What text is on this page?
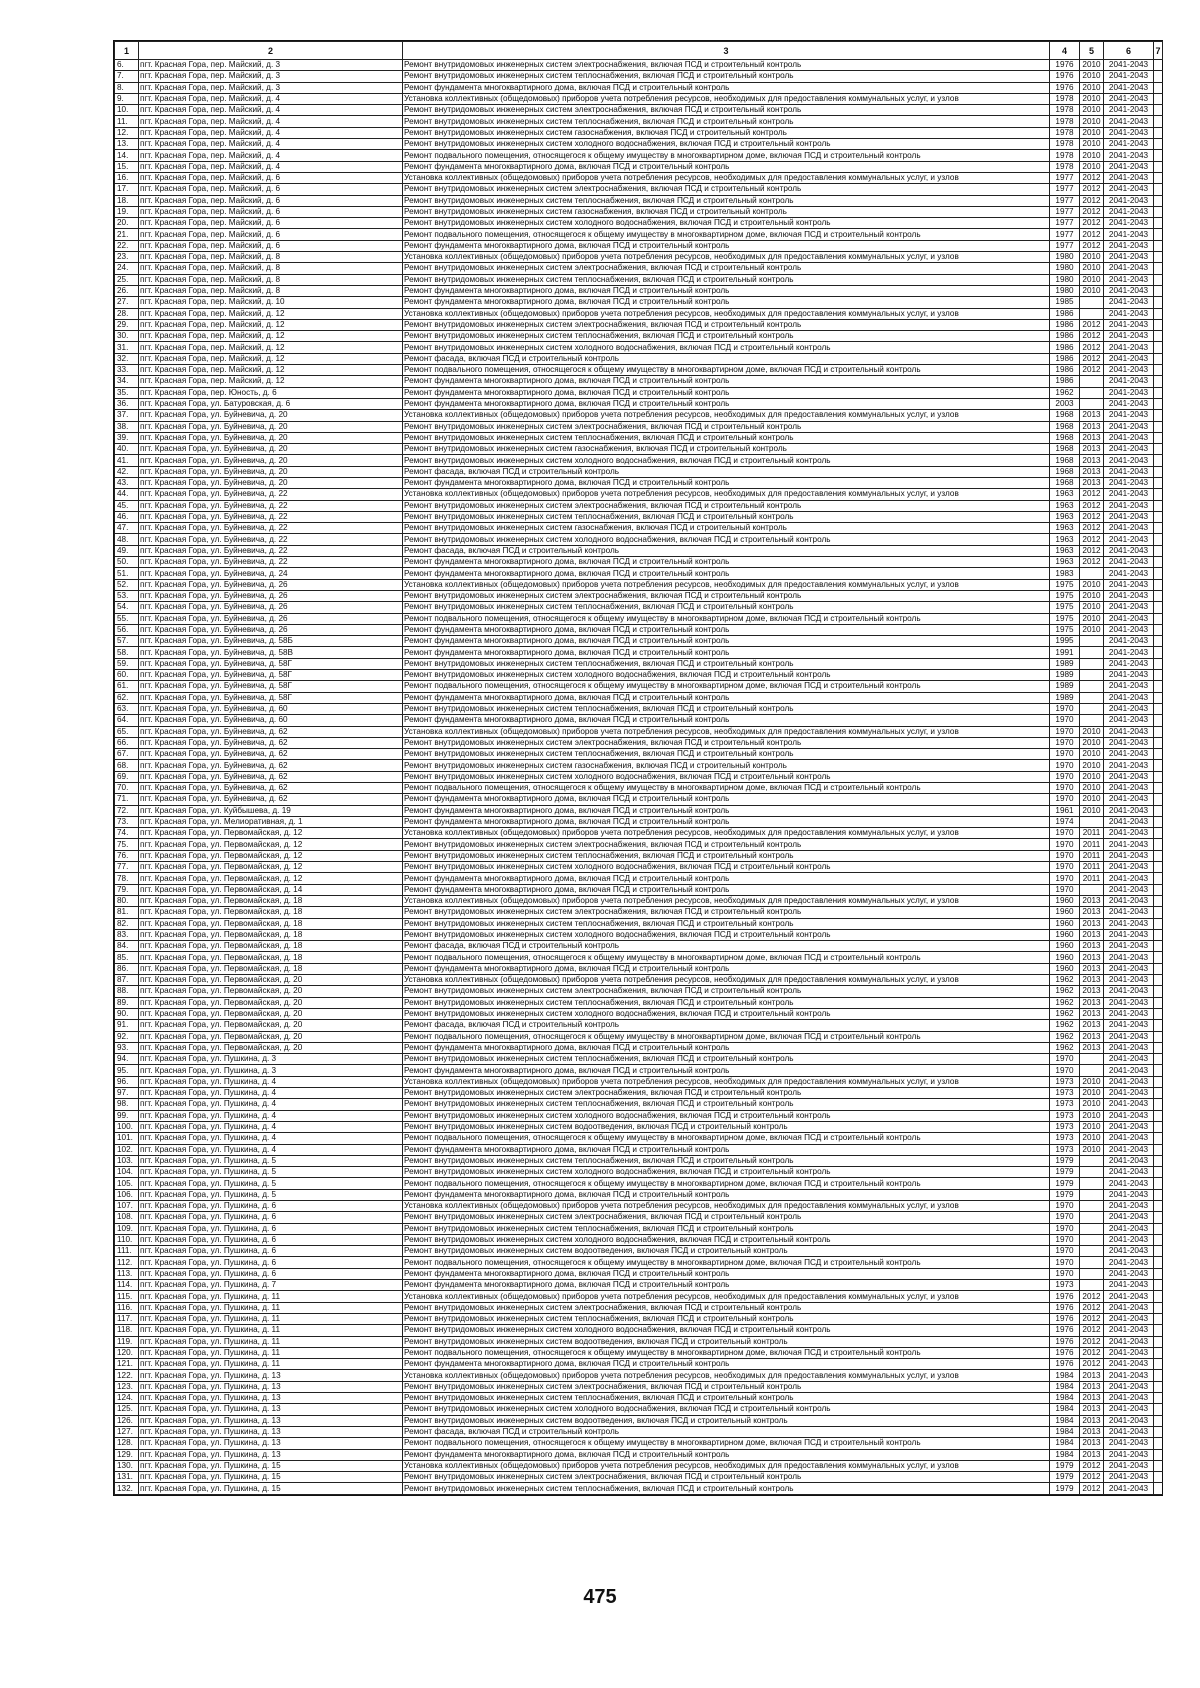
1	2	3	4	5	6	7
6.	пгт. Красная Гора, пер. Майский, д. 3	Ремонт внутридомовых инженерных систем электроснабжения, включая ПСД и строительный контроль	1976	2010	2041-2043	
7.	пгт. Красная Гора, пер. Майский, д. 3	Ремонт внутридомовых инженерных систем теплоснабжения, включая ПСД и строительный контроль	1976	2010	2041-2043	
8.	пгт. Красная Гора, пер. Майский, д. 3	Ремонт фундамента многоквартирного дома, включая ПСД и строительный контроль	1976	2010	2041-2043	
9.	пгт. Красная Гора, пер. Майский, д. 4	Установка коллективных (общедомовых) приборов учета потребления ресурсов, необходимых для предоставления коммунальных услуг, и узлов	1978	2010	2041-2043	
10.	пгт. Красная Гора, пер. Майский, д. 4	Ремонт внутридомовых инженерных систем электроснабжения, включая ПСД и строительный контроль	1978	2010	2041-2043	
11.	пгт. Красная Гора, пер. Майский, д. 4	Ремонт внутридомовых инженерных систем теплоснабжения, включая ПСД и строительный контроль	1978	2010	2041-2043	
12.	пгт. Красная Гора, пер. Майский, д. 4	Ремонт внутридомовых инженерных систем газоснабжения, включая ПСД и строительный контроль	1978	2010	2041-2043	
13.	пгт. Красная Гора, пер. Майский, д. 4	Ремонт внутридомовых инженерных систем холодного водоснабжения, включая ПСД и строительный контроль	1978	2010	2041-2043	
14.	пгт. Красная Гора, пер. Майский, д. 4	Ремонт подвального помещения, относящегося к общему имуществу в многоквартирном доме, включая ПСД и строительный контроль	1978	2010	2041-2043	
15.	пгт. Красная Гора, пер. Майский, д. 4	Ремонт фундамента многоквартирного дома, включая ПСД и строительный контроль	1978	2010	2041-2043	
16.	пгт. Красная Гора, пер. Майский, д. 6	Установка коллективных (общедомовых) приборов учета потребления ресурсов, необходимых для предоставления коммунальных услуг, и узлов	1977	2012	2041-2043	
17.	пгт. Красная Гора, пер. Майский, д. 6	Ремонт внутридомовых инженерных систем электроснабжения, включая ПСД и строительный контроль	1977	2012	2041-2043	
18.	пгт. Красная Гора, пер. Майский, д. 6	Ремонт внутридомовых инженерных систем теплоснабжения, включая ПСД и строительный контроль	1977	2012	2041-2043	
19.	пгт. Красная Гора, пер. Майский, д. 6	Ремонт внутридомовых инженерных систем газоснабжения, включая ПСД и строительный контроль	1977	2012	2041-2043	
20.	пгт. Красная Гора, пер. Майский, д. 6	Ремонт внутридомовых инженерных систем холодного водоснабжения, включая ПСД и строительный контроль	1977	2012	2041-2043	
21.	пгт. Красная Гора, пер. Майский, д. 6	Ремонт подвального помещения, относящегося к общему имуществу в многоквартирном доме, включая ПСД и строительный контроль	1977	2012	2041-2043	
22.	пгт. Красная Гора, пер. Майский, д. 6	Ремонт фундамента многоквартирного дома, включая ПСД и строительный контроль	1977	2012	2041-2043	
23.	пгт. Красная Гора, пер. Майский, д. 8	Установка коллективных (общедомовых) приборов учета потребления ресурсов, необходимых для предоставления коммунальных услуг, и узлов	1980	2010	2041-2043	
24.	пгт. Красная Гора, пер. Майский, д. 8	Ремонт внутридомовых инженерных систем электроснабжения, включая ПСД и строительный контроль	1980	2010	2041-2043	
25.	пгт. Красная Гора, пер. Майский, д. 8	Ремонт внутридомовых инженерных систем теплоснабжения, включая ПСД и строительный контроль	1980	2010	2041-2043	
26.	пгт. Красная Гора, пер. Майский, д. 8	Ремонт фундамента многоквартирного дома, включая ПСД и строительный контроль	1980	2010	2041-2043	
27.	пгт. Красная Гора, пер. Майский, д. 10	Ремонт фундамента многоквартирного дома, включая ПСД и строительный контроль	1985		2041-2043	
28.	пгт. Красная Гора, пер. Майский, д. 12	Установка коллективных (общедомовых) приборов учета потребления ресурсов, необходимых для предоставления коммунальных услуг, и узлов	1986		2041-2043	
29.	пгт. Красная Гора, пер. Майский, д. 12	Ремонт внутридомовых инженерных систем электроснабжения, включая ПСД и строительный контроль	1986	2012	2041-2043	
30.	пгт. Красная Гора, пер. Майский, д. 12	Ремонт внутридомовых инженерных систем теплоснабжения, включая ПСД и строительный контроль	1986	2012	2041-2043	
31.	пгт. Красная Гора, пер. Майский, д. 12	Ремонт внутридомовых инженерных систем холодного водоснабжения, включая ПСД и строительный контроль	1986	2012	2041-2043	
32.	пгт. Красная Гора, пер. Майский, д. 12	Ремонт фасада, включая ПСД и строительный контроль	1986	2012	2041-2043	
33.	пгт. Красная Гора, пер. Майский, д. 12	Ремонт подвального помещения, относящегося к общему имуществу в многоквартирном доме, включая ПСД и строительный контроль	1986	2012	2041-2043	
34.	пгт. Красная Гора, пер. Майский, д. 12	Ремонт фундамента многоквартирного дома, включая ПСД и строительный контроль	1986		2041-2043	
35.	пгт. Красная Гора, пер. Юность, д. 6	Ремонт фундамента многоквартирного дома, включая ПСД и строительный контроль	1962		2041-2043	
36.	пгт. Красная Гора, ул. Батуровская, д. 6	Ремонт фундамента многоквартирного дома, включая ПСД и строительный контроль	2003		2041-2043	
37.	пгт. Красная Гора, ул. Буйневича, д. 20	Установка коллективных (общедомовых) приборов учета потребления ресурсов, необходимых для предоставления коммунальных услуг, и узлов	1968	2013	2041-2043	
38.	пгт. Красная Гора, ул. Буйневича, д. 20	Ремонт внутридомовых инженерных систем электроснабжения, включая ПСД и строительный контроль	1968	2013	2041-2043	
39.	пгт. Красная Гора, ул. Буйневича, д. 20	Ремонт внутридомовых инженерных систем теплоснабжения, включая ПСД и строительный контроль	1968	2013	2041-2043	
40.	пгт. Красная Гора, ул. Буйневича, д. 20	Ремонт внутридомовых инженерных систем газоснабжения, включая ПСД и строительный контроль	1968	2013	2041-2043	
41.	пгт. Красная Гора, ул. Буйневича, д. 20	Ремонт внутридомовых инженерных систем холодного водоснабжения, включая ПСД и строительный контроль	1968	2013	2041-2043	
42.	пгт. Красная Гора, ул. Буйневича, д. 20	Ремонт фасада, включая ПСД и строительный контроль	1968	2013	2041-2043	
43.	пгт. Красная Гора, ул. Буйневича, д. 20	Ремонт фундамента многоквартирного дома, включая ПСД и строительный контроль	1968	2013	2041-2043	
44.	пгт. Красная Гора, ул. Буйневича, д. 22	Установка коллективных (общедомовых) приборов учета потребления ресурсов, необходимых для предоставления коммунальных услуг, и узлов	1963	2012	2041-2043	
45.	пгт. Красная Гора, ул. Буйневича, д. 22	Ремонт внутридомовых инженерных систем электроснабжения, включая ПСД и строительный контроль	1963	2012	2041-2043	
46.	пгт. Красная Гора, ул. Буйневича, д. 22	Ремонт внутридомовых инженерных систем теплоснабжения, включая ПСД и строительный контроль	1963	2012	2041-2043	
47.	пгт. Красная Гора, ул. Буйневича, д. 22	Ремонт внутридомовых инженерных систем газоснабжения, включая ПСД и строительный контроль	1963	2012	2041-2043	
48.	пгт. Красная Гора, ул. Буйневича, д. 22	Ремонт внутридомовых инженерных систем холодного водоснабжения, включая ПСД и строительный контроль	1963	2012	2041-2043	
49.	пгт. Красная Гора, ул. Буйневича, д. 22	Ремонт фасада, включая ПСД и строительный контроль	1963	2012	2041-2043	
50.	пгт. Красная Гора, ул. Буйневича, д. 22	Ремонт фундамента многоквартирного дома, включая ПСД и строительный контроль	1963	2012	2041-2043	
51.	пгт. Красная Гора, ул. Буйневича, д. 24	Ремонт фундамента многоквартирного дома, включая ПСД и строительный контроль	1983		2041-2043	
52.	пгт. Красная Гора, ул. Буйневича, д. 26	Установка коллективных (общедомовых) приборов учета потребления ресурсов, необходимых для предоставления коммунальных услуг, и узлов	1975	2010	2041-2043	
53.	пгт. Красная Гора, ул. Буйневича, д. 26	Ремонт внутридомовых инженерных систем электроснабжения, включая ПСД и строительный контроль	1975	2010	2041-2043	
54.	пгт. Красная Гора, ул. Буйневича, д. 26	Ремонт внутридомовых инженерных систем теплоснабжения, включая ПСД и строительный контроль	1975	2010	2041-2043	
55.	пгт. Красная Гора, ул. Буйневича, д. 26	Ремонт подвального помещения, относящегося к общему имуществу в многоквартирном доме, включая ПСД и строительный контроль	1975	2010	2041-2043	
56.	пгт. Красная Гора, ул. Буйневича, д. 26	Ремонт фундамента многоквартирного дома, включая ПСД и строительный контроль	1975	2010	2041-2043	
57.	пгт. Красная Гора, ул. Буйневича, д. 58Б	Ремонт фундамента многоквартирного дома, включая ПСД и строительный контроль	1995		2041-2043	
58.	пгт. Красная Гора, ул. Буйневича, д. 58В	Ремонт фундамента многоквартирного дома, включая ПСД и строительный контроль	1991		2041-2043	
59.	пгт. Красная Гора, ул. Буйневича, д. 58Г	Ремонт внутридомовых инженерных систем теплоснабжения, включая ПСД и строительный контроль	1989		2041-2043	
60.	пгт. Красная Гора, ул. Буйневича, д. 58Г	Ремонт внутридомовых инженерных систем холодного водоснабжения, включая ПСД и строительный контроль	1989		2041-2043	
61.	пгт. Красная Гора, ул. Буйневича, д. 58Г	Ремонт подвального помещения, относящегося к общему имуществу в многоквартирном доме, включая ПСД и строительный контроль	1989		2041-2043	
62.	пгт. Красная Гора, ул. Буйневича, д. 58Г	Ремонт фундамента многоквартирного дома, включая ПСД и строительный контроль	1989		2041-2043	
63.	пгт. Красная Гора, ул. Буйневича, д. 60	Ремонт внутридомовых инженерных систем теплоснабжения, включая ПСД и строительный контроль	1970		2041-2043	
64.	пгт. Красная Гора, ул. Буйневича, д. 60	Ремонт фундамента многоквартирного дома, включая ПСД и строительный контроль	1970		2041-2043	
65.	пгт. Красная Гора, ул. Буйневича, д. 62	Установка коллективных (общедомовых) приборов учета потребления ресурсов, необходимых для предоставления коммунальных услуг, и узлов	1970	2010	2041-2043	
66.	пгт. Красная Гора, ул. Буйневича, д. 62	Ремонт внутридомовых инженерных систем электроснабжения, включая ПСД и строительный контроль	1970	2010	2041-2043	
67.	пгт. Красная Гора, ул. Буйневича, д. 62	Ремонт внутридомовых инженерных систем теплоснабжения, включая ПСД и строительный контроль	1970	2010	2041-2043	
68.	пгт. Красная Гора, ул. Буйневича, д. 62	Ремонт внутридомовых инженерных систем газоснабжения, включая ПСД и строительный контроль	1970	2010	2041-2043	
69.	пгт. Красная Гора, ул. Буйневича, д. 62	Ремонт внутридомовых инженерных систем холодного водоснабжения, включая ПСД и строительный контроль	1970	2010	2041-2043	
70.	пгт. Красная Гора, ул. Буйневича, д. 62	Ремонт подвального помещения, относящегося к общему имуществу в многоквартирном доме, включая ПСД и строительный контроль	1970	2010	2041-2043	
71.	пгт. Красная Гора, ул. Буйневича, д. 62	Ремонт фундамента многоквартирного дома, включая ПСД и строительный контроль	1970	2010	2041-2043	
72.	пгт. Красная Гора, ул. Куйбышева, д. 19	Ремонт фундамента многоквартирного дома, включая ПСД и строительный контроль	1961	2010	2041-2043	
73.	пгт. Красная Гора, ул. Мелиоративная, д. 1	Ремонт фундамента многоквартирного дома, включая ПСД и строительный контроль	1974		2041-2043	
74.	пгт. Красная Гора, ул. Первомайская, д. 12	Установка коллективных (общедомовых) приборов учета потребления ресурсов, необходимых для предоставления коммунальных услуг, и узлов	1970	2011	2041-2043	
75.	пгт. Красная Гора, ул. Первомайская, д. 12	Ремонт внутридомовых инженерных систем электроснабжения, включая ПСД и строительный контроль	1970	2011	2041-2043	
76.	пгт. Красная Гора, ул. Первомайская, д. 12	Ремонт внутридомовых инженерных систем теплоснабжения, включая ПСД и строительный контроль	1970	2011	2041-2043	
77.	пгт. Красная Гора, ул. Первомайская, д. 12	Ремонт внутридомовых инженерных систем холодного водоснабжения, включая ПСД и строительный контроль	1970	2011	2041-2043	
78.	пгт. Красная Гора, ул. Первомайская, д. 12	Ремонт фундамента многоквартирного дома, включая ПСД и строительный контроль	1970	2011	2041-2043	
79.	пгт. Красная Гора, ул. Первомайская, д. 14	Ремонт фундамента многоквартирного дома, включая ПСД и строительный контроль	1970		2041-2043	
80.	пгт. Красная Гора, ул. Первомайская, д. 18	Установка коллективных (общедомовых) приборов учета потребления ресурсов, необходимых для предоставления коммунальных услуг, и узлов	1960	2013	2041-2043	
81.	пгт. Красная Гора, ул. Первомайская, д. 18	Ремонт внутридомовых инженерных систем электроснабжения, включая ПСД и строительный контроль	1960	2013	2041-2043	
82.	пгт. Красная Гора, ул. Первомайская, д. 18	Ремонт внутридомовых инженерных систем теплоснабжения, включая ПСД и строительный контроль	1960	2013	2041-2043	
83.	пгт. Красная Гора, ул. Первомайская, д. 18	Ремонт внутридомовых инженерных систем холодного водоснабжения, включая ПСД и строительный контроль	1960	2013	2041-2043	
84.	пгт. Красная Гора, ул. Первомайская, д. 18	Ремонт фасада, включая ПСД и строительный контроль	1960	2013	2041-2043	
85.	пгт. Красная Гора, ул. Первомайская, д. 18	Ремонт подвального помещения, относящегося к общему имуществу в многоквартирном доме, включая ПСД и строительный контроль	1960	2013	2041-2043	
86.	пгт. Красная Гора, ул. Первомайская, д. 18	Ремонт фундамента многоквартирного дома, включая ПСД и строительный контроль	1960	2013	2041-2043	
87.	пгт. Красная Гора, ул. Первомайская, д. 20	Установка коллективных (общедомовых) приборов учета потребления ресурсов, необходимых для предоставления коммунальных услуг, и узлов	1962	2013	2041-2043	
88.	пгт. Красная Гора, ул. Первомайская, д. 20	Ремонт внутридомовых инженерных систем электроснабжения, включая ПСД и строительный контроль	1962	2013	2041-2043	
89.	пгт. Красная Гора, ул. Первомайская, д. 20	Ремонт внутридомовых инженерных систем теплоснабжения, включая ПСД и строительный контроль	1962	2013	2041-2043	
90.	пгт. Красная Гора, ул. Первомайская, д. 20	Ремонт внутридомовых инженерных систем холодного водоснабжения, включая ПСД и строительный контроль	1962	2013	2041-2043	
91.	пгт. Красная Гора, ул. Первомайская, д. 20	Ремонт фасада, включая ПСД и строительный контроль	1962	2013	2041-2043	
92.	пгт. Красная Гора, ул. Первомайская, д. 20	Ремонт подвального помещения, относящегося к общему имуществу в многоквартирном доме, включая ПСД и строительный контроль	1962	2013	2041-2043	
93.	пгт. Красная Гора, ул. Первомайская, д. 20	Ремонт фундамента многоквартирного дома, включая ПСД и строительный контроль	1962	2013	2041-2043	
94.	пгт. Красная Гора, ул. Пушкина, д. 3	Ремонт внутридомовых инженерных систем теплоснабжения, включая ПСД и строительный контроль	1970		2041-2043	
95.	пгт. Красная Гора, ул. Пушкина, д. 3	Ремонт фундамента многоквартирного дома, включая ПСД и строительный контроль	1970		2041-2043	
96.	пгт. Красная Гора, ул. Пушкина, д. 4	Установка коллективных (общедомовых) приборов учета потребления ресурсов, необходимых для предоставления коммунальных услуг, и узлов	1973	2010	2041-2043	
97.	пгт. Красная Гора, ул. Пушкина, д. 4	Ремонт внутридомовых инженерных систем электроснабжения, включая ПСД и строительный контроль	1973	2010	2041-2043	
98.	пгт. Красная Гора, ул. Пушкина, д. 4	Ремонт внутридомовых инженерных систем теплоснабжения, включая ПСД и строительный контроль	1973	2010	2041-2043	
99.	пгт. Красная Гора, ул. Пушкина, д. 4	Ремонт внутридомовых инженерных систем холодного водоснабжения, включая ПСД и строительный контроль	1973	2010	2041-2043	
100.	пгт. Красная Гора, ул. Пушкина, д. 4	Ремонт внутридомовых инженерных систем водоотведения, включая ПСД и строительный контроль	1973	2010	2041-2043	
101.	пгт. Красная Гора, ул. Пушкина, д. 4	Ремонт подвального помещения, относящегося к общему имуществу в многоквартирном доме, включая ПСД и строительный контроль	1973	2010	2041-2043	
102.	пгт. Красная Гора, ул. Пушкина, д. 4	Ремонт фундамента многоквартирного дома, включая ПСД и строительный контроль	1973	2010	2041-2043	
103.	пгт. Красная Гора, ул. Пушкина, д. 5	Ремонт внутридомовых инженерных систем теплоснабжения, включая ПСД и строительный контроль	1979		2041-2043	
104.	пгт. Красная Гора, ул. Пушкина, д. 5	Ремонт внутридомовых инженерных систем холодного водоснабжения, включая ПСД и строительный контроль	1979		2041-2043	
105.	пгт. Красная Гора, ул. Пушкина, д. 5	Ремонт подвального помещения, относящегося к общему имуществу в многоквартирном доме, включая ПСД и строительный контроль	1979		2041-2043	
106.	пгт. Красная Гора, ул. Пушкина, д. 5	Ремонт фундамента многоквартирного дома, включая ПСД и строительный контроль	1979		2041-2043	
107.	пгт. Красная Гора, ул. Пушкина, д. 6	Установка коллективных (общедомовых) приборов учета потребления ресурсов, необходимых для предоставления коммунальных услуг, и узлов	1970		2041-2043	
108.	пгт. Красная Гора, ул. Пушкина, д. 6	Ремонт внутридомовых инженерных систем электроснабжения, включая ПСД и строительный контроль	1970		2041-2043	
109.	пгт. Красная Гора, ул. Пушкина, д. 6	Ремонт внутридомовых инженерных систем теплоснабжения, включая ПСД и строительный контроль	1970		2041-2043	
110.	пгт. Красная Гора, ул. Пушкина, д. 6	Ремонт внутридомовых инженерных систем холодного водоснабжения, включая ПСД и строительный контроль	1970		2041-2043	
111.	пгт. Красная Гора, ул. Пушкина, д. 6	Ремонт внутридомовых инженерных систем водоотведения, включая ПСД и строительный контроль	1970		2041-2043	
112.	пгт. Красная Гора, ул. Пушкина, д. 6	Ремонт подвального помещения, относящегося к общему имуществу в многоквартирном доме, включая ПСД и строительный контроль	1970		2041-2043	
113.	пгт. Красная Гора, ул. Пушкина, д. 6	Ремонт фундамента многоквартирного дома, включая ПСД и строительный контроль	1970		2041-2043	
114.	пгт. Красная Гора, ул. Пушкина, д. 7	Ремонт фундамента многоквартирного дома, включая ПСД и строительный контроль	1973		2041-2043	
115.	пгт. Красная Гора, ул. Пушкина, д. 11	Установка коллективных (общедомовых) приборов учета потребления ресурсов, необходимых для предоставления коммунальных услуг, и узлов	1976	2012	2041-2043	
116.	пгт. Красная Гора, ул. Пушкина, д. 11	Ремонт внутридомовых инженерных систем электроснабжения, включая ПСД и строительный контроль	1976	2012	2041-2043	
117.	пгт. Красная Гора, ул. Пушкина, д. 11	Ремонт внутридомовых инженерных систем теплоснабжения, включая ПСД и строительный контроль	1976	2012	2041-2043	
118.	пгт. Красная Гора, ул. Пушкина, д. 11	Ремонт внутридомовых инженерных систем холодного водоснабжения, включая ПСД и строительный контроль	1976	2012	2041-2043	
119.	пгт. Красная Гора, ул. Пушкина, д. 11	Ремонт внутридомовых инженерных систем водоотведения, включая ПСД и строительный контроль	1976	2012	2041-2043	
120.	пгт. Красная Гора, ул. Пушкина, д. 11	Ремонт подвального помещения, относящегося к общему имуществу в многоквартирном доме, включая ПСД и строительный контроль	1976	2012	2041-2043	
121.	пгт. Красная Гора, ул. Пушкина, д. 11	Ремонт фундамента многоквартирного дома, включая ПСД и строительный контроль	1976	2012	2041-2043	
122.	пгт. Красная Гора, ул. Пушкина, д. 13	Установка коллективных (общедомовых) приборов учета потребления ресурсов, необходимых для предоставления коммунальных услуг, и узлов	1984	2013	2041-2043	
123.	пгт. Красная Гора, ул. Пушкина, д. 13	Ремонт внутридомовых инженерных систем электроснабжения, включая ПСД и строительный контроль	1984	2013	2041-2043	
124.	пгт. Красная Гора, ул. Пушкина, д. 13	Ремонт внутридомовых инженерных систем теплоснабжения, включая ПСД и строительный контроль	1984	2013	2041-2043	
125.	пгт. Красная Гора, ул. Пушкина, д. 13	Ремонт внутридомовых инженерных систем холодного водоснабжения, включая ПСД и строительный контроль	1984	2013	2041-2043	
126.	пгт. Красная Гора, ул. Пушкина, д. 13	Ремонт внутридомовых инженерных систем водоотведения, включая ПСД и строительный контроль	1984	2013	2041-2043	
127.	пгт. Красная Гора, ул. Пушкина, д. 13	Ремонт фасада, включая ПСД и строительный контроль	1984	2013	2041-2043	
128.	пгт. Красная Гора, ул. Пушкина, д. 13	Ремонт подвального помещения, относящегося к общему имуществу в многоквартирном доме, включая ПСД и строительный контроль	1984	2013	2041-2043	
129.	пгт. Красная Гора, ул. Пушкина, д. 13	Ремонт фундамента многоквартирного дома, включая ПСД и строительный контроль	1984	2013	2041-2043	
130.	пгт. Красная Гора, ул. Пушкина, д. 15	Установка коллективных (общедомовых) приборов учета потребления ресурсов, необходимых для предоставления коммунальных услуг, и узлов	1979	2012	2041-2043	
131.	пгт. Красная Гора, ул. Пушкина, д. 15	Ремонт внутридомовых инженерных систем электроснабжения, включая ПСД и строительный контроль	1979	2012	2041-2043	
132.	пгт. Красная Гора, ул. Пушкина, д. 15	Ремонт внутридомовых инженерных систем теплоснабжения, включая ПСД и строительный контроль	1979	2012	2041-2043	
475
